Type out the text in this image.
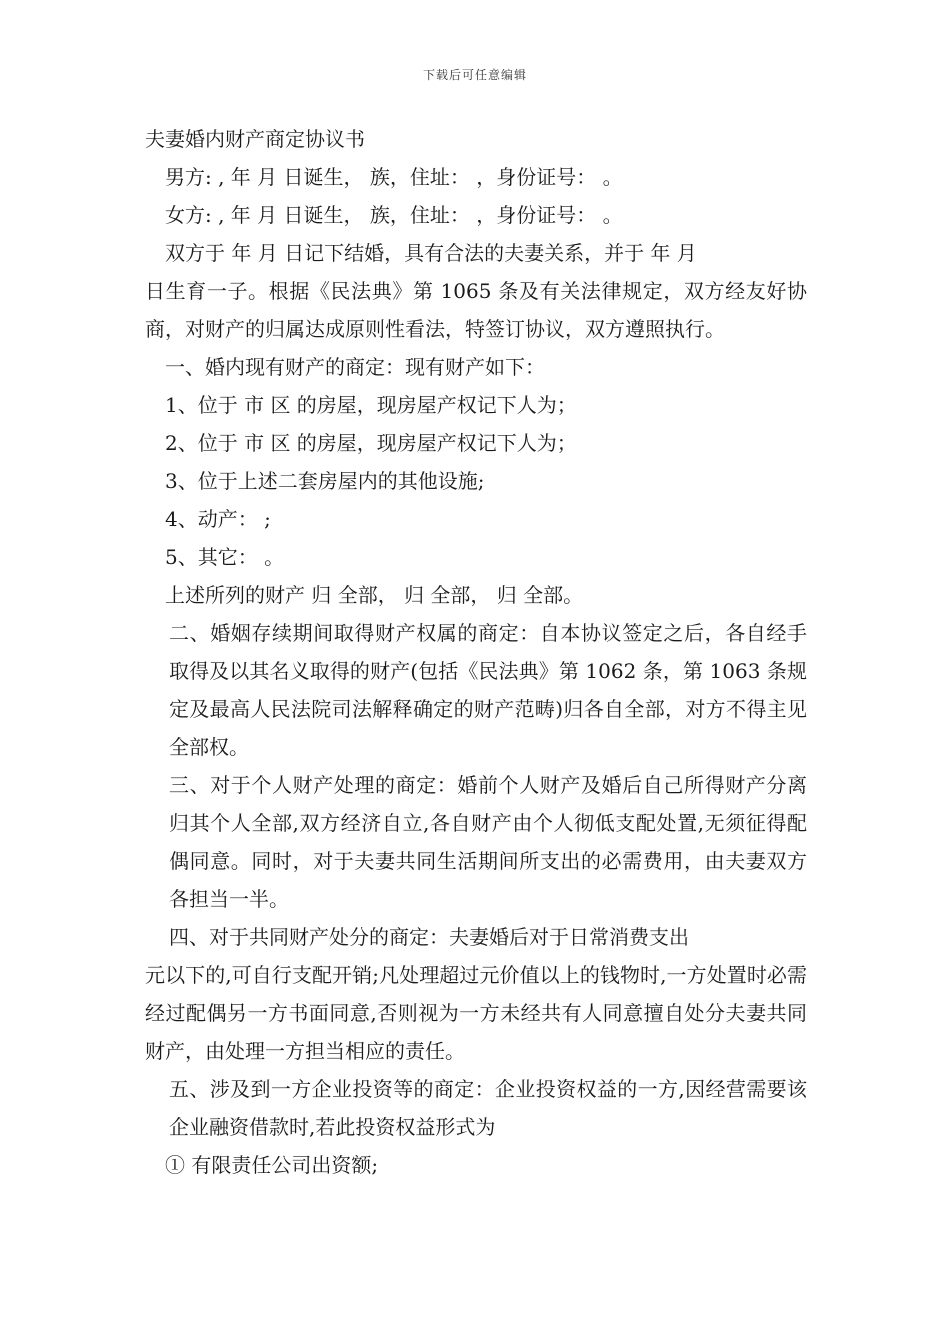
下载后可任意编辑
夫妻婚内财产商定协议书
男方: , 年 月 日诞生， 族，住址： ，身份证号： 。
女方: , 年 月 日诞生， 族，住址： ，身份证号： 。
双方于 年 月 日记下结婚，具有合法的夫妻关系，并于 年 月
日生育一子。根据《民法典》第 1065 条及有关法律规定，双方经友好协商，对财产的归属达成原则性看法，特签订协议，双方遵照执行。
一、婚内现有财产的商定：现有财产如下：
1、位于 市 区 的房屋，现房屋产权记下人为；
2、位于 市 区 的房屋，现房屋产权记下人为；
3、位于上述二套房屋内的其他设施;
4、动产： ;
5、其它： 。
上述所列的财产 归 全部， 归 全部， 归 全部。
二、婚姻存续期间取得财产权属的商定：自本协议签定之后，各自经手取得及以其名义取得的财产(包括《民法典》第 1062 条，第 1063 条规定及最高人民法院司法解释确定的财产范畴)归各自全部，对方不得主见全部权。
三、对于个人财产处理的商定：婚前个人财产及婚后自己所得财产分离归其个人全部,双方经济自立,各自财产由个人彻低支配处置,无须征得配偶同意。同时，对于夫妻共同生活期间所支出的必需费用，由夫妻双方各担当一半。
四、对于共同财产处分的商定：夫妻婚后对于日常消费支出
元以下的,可自行支配开销;凡处理超过元价值以上的钱物时,一方处置时必需经过配偶另一方书面同意,否则视为一方未经共有人同意擅自处分夫妻共同财产，由处理一方担当相应的责任。
五、涉及到一方企业投资等的商定：企业投资权益的一方,因经营需要该企业融资借款时,若此投资权益形式为
① 有限责任公司出资额;
